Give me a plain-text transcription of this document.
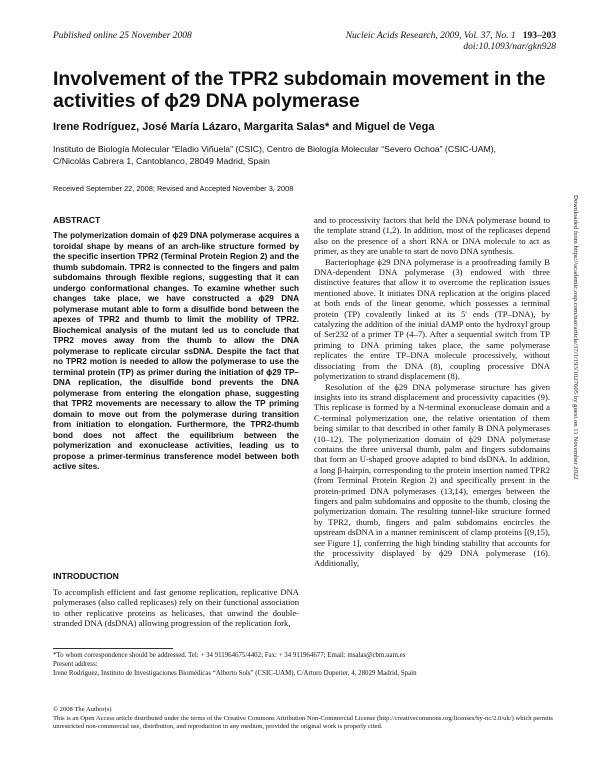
Published online 25 November 2008	Nucleic Acids Research, 2009, Vol. 37, No. 1 193–203
doi:10.1093/nar/gkn928
Involvement of the TPR2 subdomain movement in the activities of ϕ29 DNA polymerase
Irene Rodríguez, José María Lázaro, Margarita Salas* and Miguel de Vega
Instituto de Biología Molecular “Eladio Viñuela” (CSIC), Centro de Biología Molecular “Severo Ochoa” (CSIC-UAM), C/Nicolás Cabrera 1, Cantoblanco, 28049 Madrid, Spain
Received September 22, 2008; Revised and Accepted November 3, 2008
ABSTRACT

The polymerization domain of ϕ29 DNA polymerase acquires a toroidal shape by means of an arch-like structure formed by the specific insertion TPR2 (Terminal Protein Region 2) and the thumb subdomain. TPR2 is connected to the fingers and palm subdomains through flexible regions, suggesting that it can undergo conformational changes. To examine whether such changes take place, we have constructed a ϕ29 DNA polymerase mutant able to form a disulfide bond between the apexes of TPR2 and thumb to limit the mobility of TPR2. Biochemical analysis of the mutant led us to conclude that TPR2 moves away from the thumb to allow the DNA polymerase to replicate circular ssDNA. Despite the fact that no TPR2 motion is needed to allow the polymerase to use the terminal protein (TP) as primer during the initiation of ϕ29 TP–DNA replication, the disulfide bond prevents the DNA polymerase from entering the elongation phase, suggesting that TPR2 movements are necessary to allow the TP priming domain to move out from the polymerase during transition from initiation to elongation. Furthermore, the TPR2-thumb bond does not affect the equilibrium between the polymerization and exonuclease activities, leading us to propose a primer-terminus transference model between both active sites.

INTRODUCTION

To accomplish efficient and fast genome replication, replicative DNA polymerases (also called replicases) rely on their functional association to other replicative proteins as helicases, that unwind the double-stranded DNA (dsDNA) allowing progression of the replication fork,

and to processivity factors that held the DNA polymerase bound to the template strand (1,2). In addition, most of the replicases depend also on the presence of a short RNA or DNA molecule to act as primer, as they are unable to start de novo DNA synthesis.

Bacteriophage ϕ29 DNA polymerase is a proofreading family B DNA-dependent DNA polymerase (3) endowed with three distinctive features that allow it to overcome the replication issues mentioned above. It initiates DNA replication at the origins placed at both ends of the linear genome, which possesses a terminal protein (TP) covalently linked at its 5′ ends (TP–DNA), by catalyzing the addition of the initial dAMP onto the hydroxyl group of Ser232 of a primer TP (4–7). After a sequential switch from TP priming to DNA priming takes place, the same polymerase replicates the entire TP–DNA molecule processively, without dissociating from the DNA (8), coupling processive DNA polymerization to strand displacement (8).

Resolution of the ϕ29 DNA polymerase structure has given insights into its strand displacement and processivity capacities (9). This replicase is formed by a N-terminal exonuclease domain and a C-terminal polymerization one, the relative orientation of them being similar to that described in other family B DNA polymerases (10–12). The polymerization domain of ϕ29 DNA polymerase contains the three universal thumb, palm and fingers subdomains that form an U-shaped groove adapted to bind dsDNA. In addition, a long β-hairpin, corresponding to the protein insertion named TPR2 (from Terminal Protein Region 2) and specifically present in the protein-primed DNA polymerases (13,14), emerges between the fingers and palm subdomains and opposite to the thumb, closing the polymerization domain. The resulting tunnel-like structure formed by TPR2, thumb, fingers and palm subdomains encircles the upstream dsDNA in a manner reminiscent of clamp proteins [(9,15), see Figure 1], conferring the high binding stability that accounts for the processivity displayed by ϕ29 DNA polymerase (16). Additionally,

*To whom correspondence should be addressed. Tel: + 34 911964675/4402; Fax: + 34 911964677; Email: msalas@cbm.uam.es
Present address:
Irene Rodríguez, Instituto de Investigaciones Biomédicas “Alberto Sols” (CSIC-UAM), C/Arturo Duperier, 4, 28029 Madrid, Spain
© 2008 The Author(s)
This is an Open Access article distributed under the terms of the Creative Commons Attribution Non-Commercial License (http://creativecommons.org/licenses/by-nc/2.0/uk/) which permits unrestricted non-commercial use, distribution, and reproduction in any medium, provided the original work is properly cited.
Downloaded from https://academic.oup.com/nar/article/37/1/193/1027605 by guest on 11 November 2022
